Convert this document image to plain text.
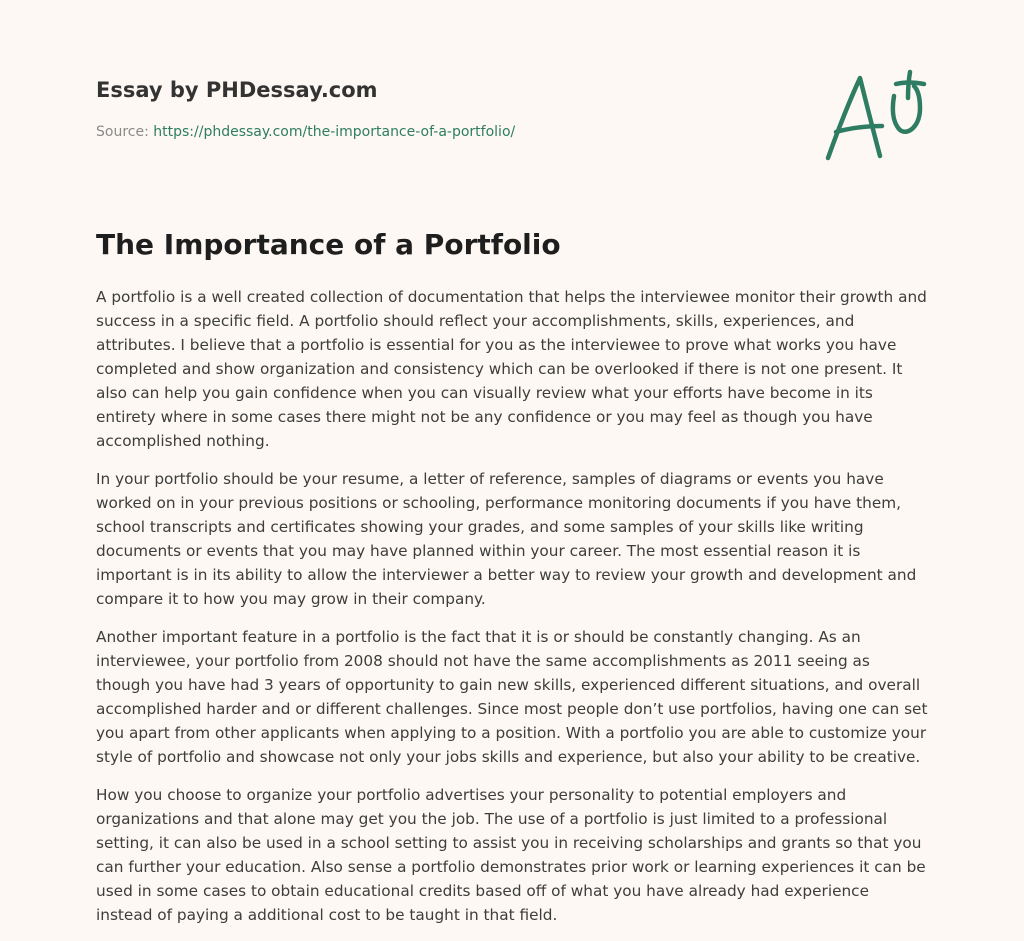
Essay by PHDessay.com
Source: https://phdessay.com/the-importance-of-a-portfolio/
The Importance of a Portfolio

A portfolio is a well created collection of documentation that helps the interviewee monitor their growth and success in a specific field. A portfolio should reflect your accomplishments, skills, experiences, and attributes. I believe that a portfolio is essential for you as the interviewee to prove what works you have completed and show organization and consistency which can be overlooked if there is not one present. It also can help you gain confidence when you can visually review what your efforts have become in its entirety where in some cases there might not be any confidence or you may feel as though you have accomplished nothing.

In your portfolio should be your resume, a letter of reference, samples of diagrams or events you have worked on in your previous positions or schooling, performance monitoring documents if you have them, school transcripts and certificates showing your grades, and some samples of your skills like writing documents or events that you may have planned within your career. The most essential reason it is important is in its ability to allow the interviewer a better way to review your growth and development and compare it to how you may grow in their company.

Another important feature in a portfolio is the fact that it is or should be constantly changing. As an interviewee, your portfolio from 2008 should not have the same accomplishments as 2011 seeing as though you have had 3 years of opportunity to gain new skills, experienced different situations, and overall accomplished harder and or different challenges. Since most people don’t use portfolios, having one can set you apart from other applicants when applying to a position. With a portfolio you are able to customize your style of portfolio and showcase not only your jobs skills and experience, but also your ability to be creative.

How you choose to organize your portfolio advertises your personality to potential employers and organizations and that alone may get you the job. The use of a portfolio is just limited to a professional setting, it can also be used in a school setting to assist you in receiving scholarships and grants so that you can further your education. Also sense a portfolio demonstrates prior work or learning experiences it can be used in some cases to obtain educational credits based off of what you have already had experience instead of paying a additional cost to be taught in that field.
